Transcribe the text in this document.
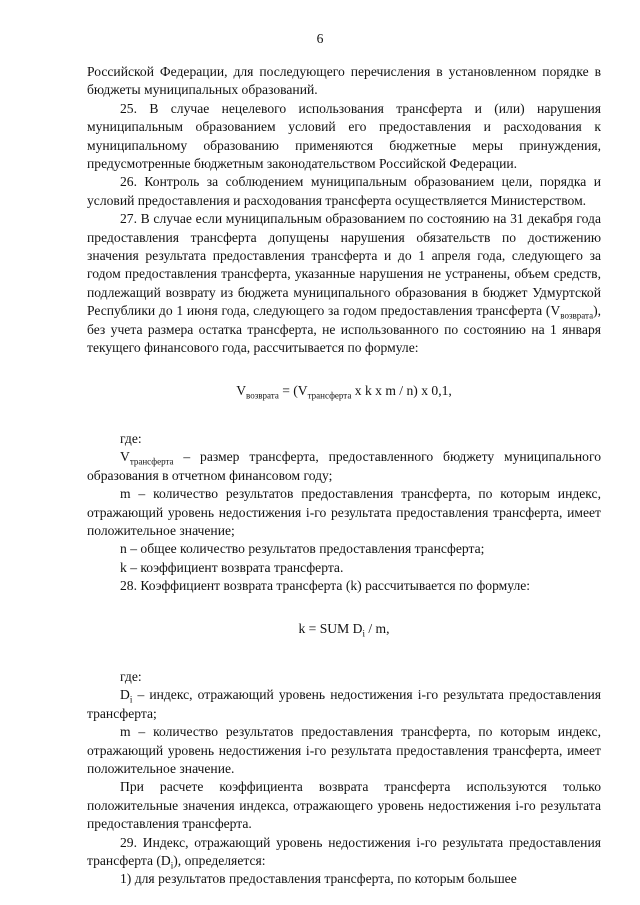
6

Российской Федерации, для последующего перечисления в установленном порядке в бюджеты муниципальных образований.

25. В случае нецелевого использования трансферта и (или) нарушения муниципальным образованием условий его предоставления и расходования к муниципальному образованию применяются бюджетные меры принуждения, предусмотренные бюджетным законодательством Российской Федерации.

26. Контроль за соблюдением муниципальным образованием цели, порядка и условий предоставления и расходования трансферта осуществляется Министерством.

27. В случае если муниципальным образованием по состоянию на 31 декабря года предоставления трансферта допущены нарушения обязательств по достижению значения результата предоставления трансферта и до 1 апреля года, следующего за годом предоставления трансферта, указанные нарушения не устранены, объем средств, подлежащий возврату из бюджета муниципального образования в бюджет Удмуртской Республики до 1 июня года, следующего за годом предоставления трансферта $(V_{возврата})$, без учета размера остатка трансферта, не использованного по состоянию на 1 января текущего финансового года, рассчитывается по формуле:

$V_{возврата} = (V_{трансферта}$ x k x m / n) x 0,1,

где:

$V_{трансферта}$ – размер трансферта, предоставленного бюджету муниципального образования в отчетном финансовом году;

m – количество результатов предоставления трансферта, по которым индекс, отражающий уровень недостижения i-го результата предоставления трансферта, имеет положительное значение;

n – общее количество результатов предоставления трансферта;

k – коэффициент возврата трансферта.

28. Коэффициент возврата трансферта (k) рассчитывается по формуле:

k = SUM $D_i$ / m,

где:

$D_i$ – индекс, отражающий уровень недостижения i-го результата предоставления трансферта;

m – количество результатов предоставления трансферта, по которым индекс, отражающий уровень недостижения i-го результата предоставления трансферта, имеет положительное значение.

При расчете коэффициента возврата трансферта используются только положительные значения индекса, отражающего уровень недостижения i-го результата предоставления трансферта.

29. Индекс, отражающий уровень недостижения i-го результата предоставления трансферта $(D_i)$, определяется:

1) для результатов предоставления трансферта, по которым большее
